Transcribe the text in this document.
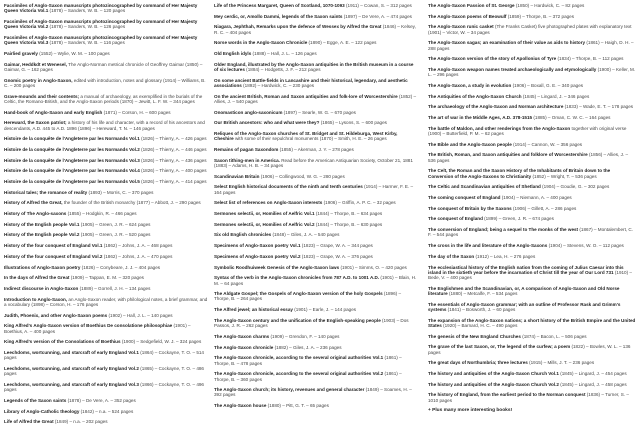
Facsimiles of Anglo-Saxon manuscripts photozincographed by command of Her Majesty Queen Victoria Vol.1 (1878) – Sanders, W. B. – 120 pages
Facsimiles of Anglo-Saxon manuscripts photozincographed by command of Her Majesty Queen Victoria Vol.2 (1878) – Sanders, W. B. – 126 pages
Facsimiles of Anglo-Saxon manuscripts photozincographed by command of Her Majesty Queen Victoria Vol.3 (1878) – Sanders, W. B. – 116 pages
Pairlied gravely (1552) – Wylie, W. M. – 100 pages
Gaimar, Heddkdt et Wenesel, The Anglo-Norman metrical chronicle of Geoffrey Gaimar (1850) – Gaimar, G. – 162 pages
Gnomic poetry in Anglo-Saxon, edited with introduction, notes and glossary (1914) – Williams, B. C. – 200 pages
Grave-mounds and their contents; a manual of archaeology, as exemplified in the burials of the Celtic, the Romano-British, and the Anglo-Saxon periods (1870) – Jewitt, L. F. W. – 344 pages
Hand-book of Anglo-Saxon and early English (1871) – Corson, H. – 600 pages
Hereward, the Saxon patriot; a history of his life and character, with a record of his ancestors and descendants, A.D. 445 to A.D. 1896 (1896) – Hereward, T. N. – 146 pages
Histoire de la conquête de l'Angleterre par les Normands Vol.1 (1826) – Thierry, A. – 426 pages
Histoire de la conquête de l'Angleterre par les Normands Vol.2 (1826) – Thierry, A. – 446 pages
Histoire de la conquête de l'Angleterre par les Normands Vol.3 (1826) – Thierry, A. – 436 pages
Histoire de la conquête de l'Angleterre par les Normands Vol.4 (1826) – Thierry, A. – 400 pages
Histoire de la conquête de l'Angleterre par les Normands Vol.5 (1826) – Thierry, A. – 414 pages
Historical tales; the romance of reality (1893) – Morris, C. – 370 pages
History of Alfred the Great, the founder of the British monarchy (1877) – Abbott, J. – 290 pages
History of The Anglo-saxons (1855) – Hodgkin, R. – 466 pages
History of the English people Vol.1 (1905) – Green, J. R. – 624 pages
History of the English people Vol.2 (1905) – Green, J. R. – 520 pages
History of the four conquest of England Vol.1 (1862) – Johns, J. A. – 468 pages
History of the four conquest of England Vol.2 (1862) – Johns, J. A. – 470 pages
Illustrations of Anglo-Saxon poetry (1826) – Conybeare, J. J. – 404 pages
In the days of Alfred the Great (1909) – Tappan, E. M. – 320 pages
Indirect discourse in Anglo-Saxon (1889) – Gorrell, J. H. – 134 pages
Introduction to Anglo-Saxon, an Anglo-Saxon reader, with philological notes, a brief grammar, and a vocabulary (1898) – Corson, H. – 176 pages
Judith, Phoenix, and other Anglo-Saxon poems (1902) – Hall, J. L. – 140 pages
King Alfred's Anglo-Saxon version of Boethius De consolatione philosophiae (1901) – Boethius, A. – 400 pages
King Alfred's version of the Consolations of Boethius (1900) – Sedgefield, W. J. – 324 pages
Leechdoms, wortcunning, and starcraft of early England Vol.1 (1864) – Cockayne, T. O. – 514 pages
Leechdoms, wortcunning, and starcraft of early England Vol.2 (1865) – Cockayne, T. O. – 486 pages
Leechdoms, wortcunning, and starcraft of early England Vol.3 (1866) – Cockayne, T. O. – 496 pages
Legends of the Saxon saints (1878) – De Vere, A. – 352 pages
Library of Anglo-Catholic theology (1842) – n.a. – 524 pages
Life of Alfred the Great (1849) – n.a. – 202 pages
Life of the Princess Margaret, Queen of Scotland, 1070-1093 (1911) – Cowan, S. – 312 pages
Mey cerdic, or, Amollo Dammi, legends of the Saxon saints (1897) – De Vere, A. – 474 pages
Niagara, Jephthah, Remarks upon the defence of Wessex by Alfred the Great (1846) – Kelsey, R. C. – 404 pages
Norse words in the Anglo-Saxon Chronicle (1890) – Egge, A. E. – 122 pages
Old English idyls (1888) – Hall, J. L. – 126 pages
Older England, illustrated by the Anglo-Saxon antiquities in the British museum in a course of six lectures (1884) – Hodgetts, J. F. – 212 pages
On some ancient Battle-fields in Lancashire and their historical, legendary, and aesthetic associations (1892) – Hardwick, C. – 230 pages
On the ancient British, Roman and Saxon antiquities and folk-lore of Worcestershire (1852) – Allies, J. – 540 pages
Onomasticon anglo-saxonicum (1897) – Searle, W. G. – 670 pages
Our British ancestors: who and what were they? (1865) – Lysons, S. – 600 pages
Reliques of the Anglo-Saxon churches of St. Bridget and St. Hildeburga, West Kirby, Cheshire with some of their sepulchral monuments (1870) – Smith, H. E. – 26 pages
Remains of pagan Saxondom (1855) – Akerman, J. Y. – 278 pages
Saxon tithing-men in America. Read before the American Antiquarian Society, October 21, 1881 (1883) – Adams, H. B. – 34 pages
Scandinavian Britain (1906) – Collingwood, W. G. – 280 pages
Select English historical documents of the ninth and tenth centuries (1914) – Harmer, F. E. – 164 pages
Select list of references on Anglo-Saxon interests (1906) – Griffin, A. P. C. – 32 pages
Sermones selectii, or, Homilies of Aelfric Vol.1 (1844) – Thorpe, B. – 634 pages
Sermones selectii, or, Homilies of Aelfric Vol.2 (1844) – Thorpe, B. – 630 pages
Six old English chronicles (1848) – Giles, J. A. – 540 pages
Specimens of Anglo-Saxon poetry Vol.1 (1823) – Grape, W. A. – 344 pages
Specimens of Anglo-Saxon poetry Vol.2 (1823) – Grape, W. A. – 376 pages
Symbolic Roodhuiweek Genesis of the Anglo-Saxon laws (1901) – Simms, O. – 420 pages
Syntax of the verb in the Anglo-Saxon chronicles from 787 A.D. to 1001 A.D. (1901) – Blain, H. M. – 64 pages
The Aldgate Gospel; the Gospels of Anglo-Saxon version of the holy Gospels (1896) – Thorpe, B. – 264 pages
The Alfred jewel; an historical essay (1901) – Earle, J. – 144 pages
The Anglo-Saxon century and the unification of the English-speaking people (1903) – Dos Passos, J. R. – 262 pages
The Anglo-Saxon charms (1909) – Grendon, F. – 140 pages
The Anglo-Saxon chronicle (1882) – Giles, J. A. – 236 pages
The Anglo-Saxon chronicle, according to the several original authorities Vol.1 (1861) – Thorpe, B. – 478 pages
The Anglo-Saxon chronicle, according to the several original authorities Vol.2 (1861) – Thorpe, B. – 360 pages
The Anglo-Saxon church; its history, revenues and general character (1849) – Soames, H. – 392 pages
The Anglo-Saxon house (1880) – Pitt, G. T. – 65 pages
The Anglo-Saxon Passion of St. George (1850) – Hardwick, C. – 82 pages
The Anglo-Saxon poems of Beowulf (1859) – Thorpe, B. – 372 pages
The Anglo-Saxon runic casket (The Franks Casket) five photographed plates with explanatory text (1901) – Victor, W. – 34 pages
The Anglo-Saxon sagas; an examination of their value as aids to history (1861) – Haigh, D. H. – 288 pages
The Anglo-Saxon version of the story of Apollonius of Tyre (1834) – Thorpe, B. – 112 pages
The Anglo-Saxon weapon names treated archaeologically and etymologically (1900) – Keller, M. L. – 296 pages
The Anglo-Saxon, a study in evolution (1906) – Boxall, G. E. – 340 pages
The Antiquities of the Anglo-Saxon Church (1845) – Lingard, J. – 346 pages
The archaeology of the Anglo-Saxon and Norman architecture (1833) – Wade, E. T. – 178 pages
The art of war in the Middle Ages, A.D. 378-1515 (1885) – Oman, C. W. C. – 164 pages
The battle of Maldon, and other renderings from the Anglo-Saxon together with original verse (1900) – Butterfield, P. M. – 62 pages
The Bible and the Anglo-Saxon people (1914) – Cannon, W. – 356 pages
The British, Roman, and Saxon antiquities and folklore of Worcestershire (1856) – Allies, J. – 536 pages
The Celt, the Roman and the Saxon History of the Inhabitants of Britain down to the Conversion of the Anglo-Saxons to Christianity (1852) – Wright, T. – 536 pages
The Celtic and Scandinavian antiquities of Shetland (1904) – Goudie, G. – 302 pages
The coming conquest of England (1904) – Niemann, A. – 400 pages
The conquest of Britain by the Saxons (1906) – Gillett, A. – 286 pages
The conquest of England (1899) – Green, J. R. – 674 pages
The conversion of England; being a sequel to The monks of the west (1867) – Montalembert, C. F. – 544 pages
The cross in the life and literature of the Anglo-Saxons (1904) – Stevens, W. O. – 112 pages
The day of the Saxon (1912) – Lea, H. – 276 pages
The ecclesiastical history of the English nation from the coming of Julius Caesar into this island in the sixtieth year before the incarnation of Christ till the year of Our Lord 731 (1910) – Bede, V. – 400 pages
The Englishmen and the Scandinavian, or, A comparison of Anglo-Saxon and Old Norse literature (1880) – Metcalfe, F. – 534 pages
The essentials of Anglo-Saxon grammar; with an outline of Professor Rask and Grimm's systems (1841) – Bosworth, J. – 60 pages
The expansion of the Anglo-Saxon nations; a short history of the British Empire and the United States (1920) – Barnard, H. C. – 490 pages
The genesis of the New England Churches (1874) – Bacon, L. – 506 pages
The grave of the last Saxon, or, The legend of the curfew; a poem (1822) – Bowles, W. L. – 136 pages
The great days of Northumbria; three lectures (1915) – Mills, J. T. – 236 pages
The history and antiquities of the Anglo-Saxon Church Vol.1 (1845) – Lingard, J. – 454 pages
The history and antiquities of the Anglo-Saxon Church Vol.2 (1845) – Lingard, J. – 458 pages
The history of England, from the earliest period to the Norman conquest (1836) – Turner, S. – 1010 pages
+ Plus many more interesting books!
